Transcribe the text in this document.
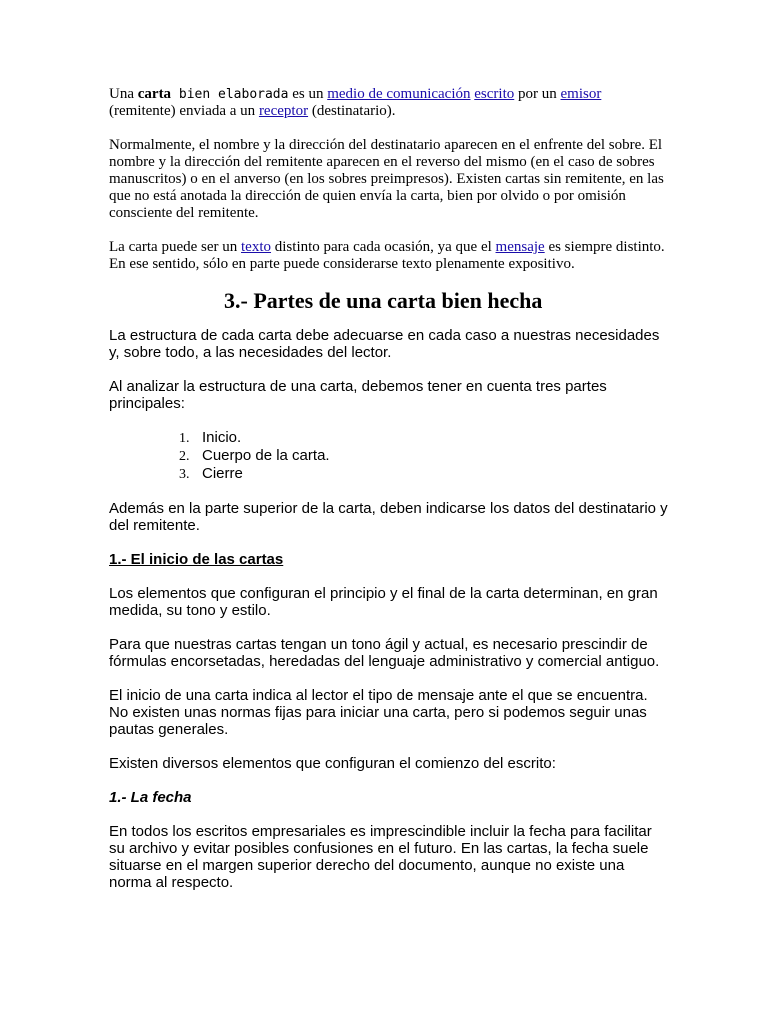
Una carta bien elaborada es un medio de comunicación escrito por un emisor (remitente) enviada a un receptor (destinatario).

Normalmente, el nombre y la dirección del destinatario aparecen en el enfrente del sobre. El nombre y la dirección del remitente aparecen en el reverso del mismo (en el caso de sobres manuscritos) o en el anverso (en los sobres preimpresos). Existen cartas sin remitente, en las que no está anotada la dirección de quien envía la carta, bien por olvido o por omisión consciente del remitente.

La carta puede ser un texto distinto para cada ocasión, ya que el mensaje es siempre distinto. En ese sentido, sólo en parte puede considerarse texto plenamente expositivo.

3.- Partes de una carta bien hecha

La estructura de cada carta debe adecuarse en cada caso a nuestras necesidades y, sobre todo, a las necesidades del lector.

Al analizar la estructura de una carta, debemos tener en cuenta tres partes principales:

1. Inicio.
2. Cuerpo de la carta.
3. Cierre

Además en la parte superior de la carta, deben indicarse los datos del destinatario y del remitente.

1.- El inicio de las cartas

Los elementos que configuran el principio y el final de la carta determinan, en gran medida, su tono y estilo.

Para que nuestras cartas tengan un tono ágil y actual, es necesario prescindir de fórmulas encorsetadas, heredadas del lenguaje administrativo y comercial antiguo.

El inicio de una carta indica al lector el tipo de mensaje ante el que se encuentra. No existen unas normas fijas para iniciar una carta, pero si podemos seguir unas pautas generales.

Existen diversos elementos que configuran el comienzo del escrito:

1.- La fecha

En todos los escritos empresariales es imprescindible incluir la fecha para facilitar su archivo y evitar posibles confusiones en el futuro. En las cartas, la fecha suele situarse en el margen superior derecho del documento, aunque no existe una norma al respecto.
